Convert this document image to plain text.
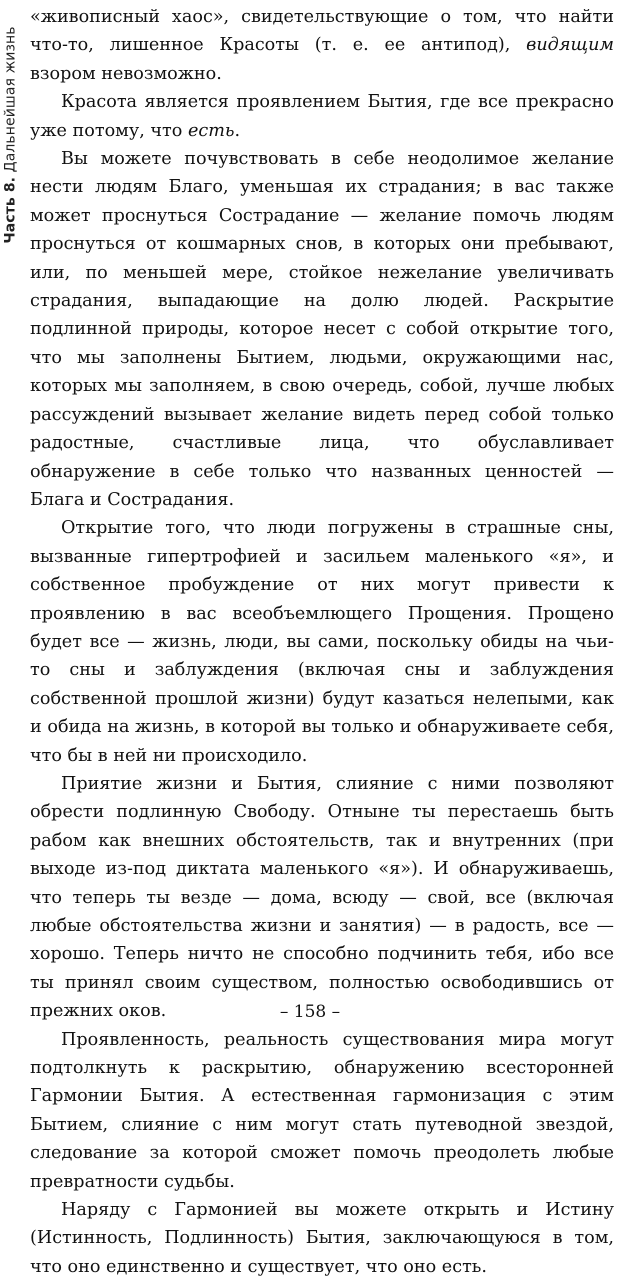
Часть 8. Дальнейшая жизнь

«живописный хаос», свидетельствующие о том, что найти что-то, лишенное Красоты (т. е. ее антипод), видящим взором невозможно.

Красота является проявлением Бытия, где все прекрасно уже потому, что есть.

Вы можете почувствовать в себе неодолимое желание нести людям Благо, уменьшая их страдания; в вас также может проснуться Сострадание — желание помочь людям проснуться от кошмарных снов, в которых они пребывают, или, по меньшей мере, стойкое нежелание увеличивать страдания, выпадающие на долю людей. Раскрытие подлинной природы, которое несет с собой открытие того, что мы заполнены Бытием, людьми, окружающими нас, которых мы заполняем, в свою очередь, собой, лучше любых рассуждений вызывает желание видеть перед собой только радостные, счастливые лица, что обуславливает обнаружение в себе только что названных ценностей — Блага и Сострадания.

Открытие того, что люди погружены в страшные сны, вызванные гипертрофией и засильем маленького «я», и собственное пробуждение от них могут привести к проявлению в вас всеобъемлющего Прощения. Прощено будет все — жизнь, люди, вы сами, поскольку обиды на чьи-то сны и заблуждения (включая сны и заблуждения собственной прошлой жизни) будут казаться нелепыми, как и обида на жизнь, в которой вы только и обнаруживаете себя, что бы в ней ни происходило.

Приятие жизни и Бытия, слияние с ними позволяют обрести подлинную Свободу. Отныне ты перестаешь быть рабом как внешних обстоятельств, так и внутренних (при выходе из-под диктата маленького «я»). И обнаруживаешь, что теперь ты везде — дома, всюду — свой, все (включая любые обстоятельства жизни и занятия) — в радость, все — хорошо. Теперь ничто не способно подчинить тебя, ибо все ты принял своим существом, полностью освободившись от прежних оков.

Проявленность, реальность существования мира могут подтолкнуть к раскрытию, обнаружению всесторонней Гармонии Бытия. А естественная гармонизация с этим Бытием, слияние с ним могут стать путеводной звездой, следование за которой сможет помочь преодолеть любые превратности судьбы.

Наряду с Гармонией вы можете открыть и Истину (Истинность, Подлинность) Бытия, заключающуюся в том, что оно единственно и существует, что оно есть.

– 158 –
